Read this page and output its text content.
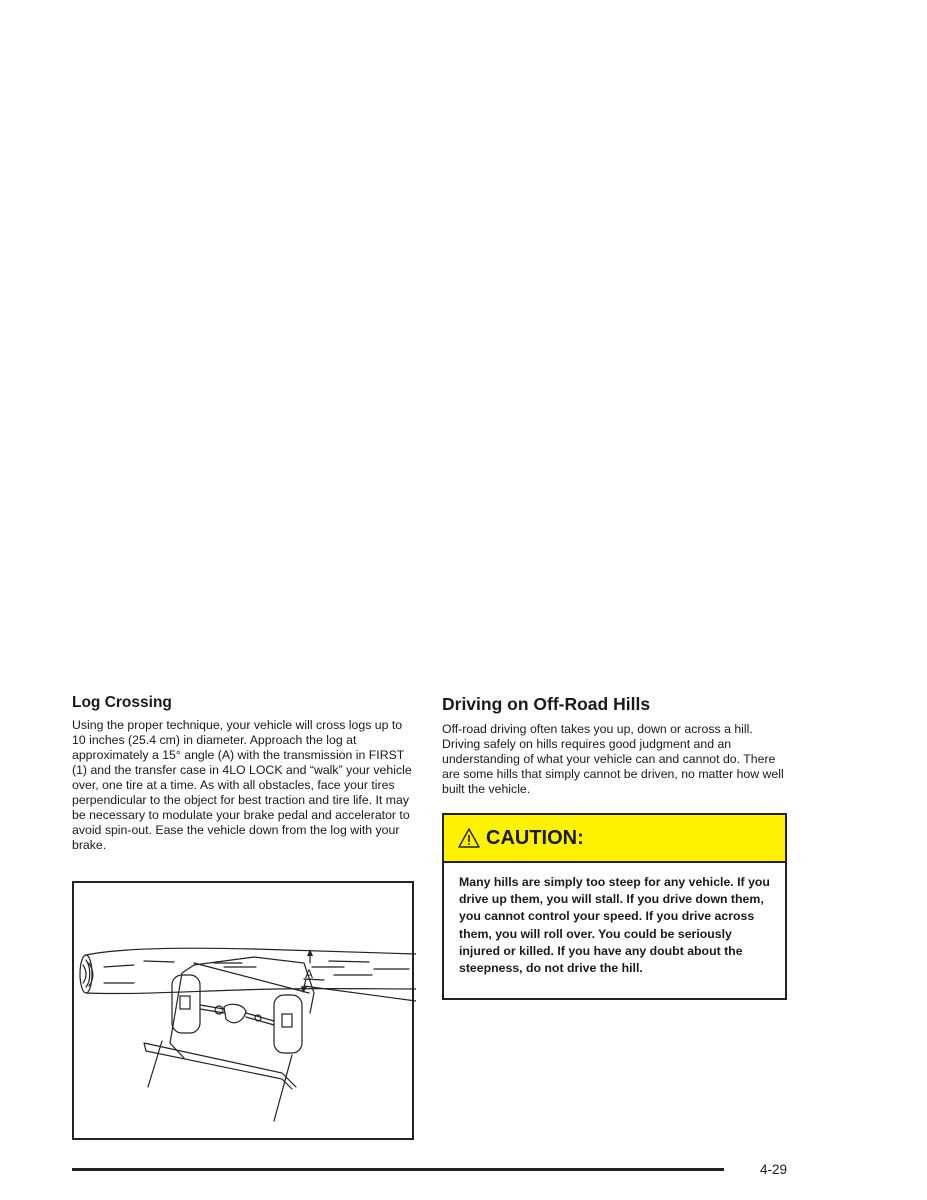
Log Crossing

Using the proper technique, your vehicle will cross logs up to 10 inches (25.4 cm) in diameter. Approach the log at approximately a 15° angle (A) with the transmission in FIRST (1) and the transfer case in 4LO LOCK and “walk” your vehicle over, one tire at a time. As with all obstacles, face your tires perpendicular to the object for best traction and tire life. It may be necessary to modulate your brake pedal and accelerator to avoid spin-out. Ease the vehicle down from the log with your brake.

A
Driving on Off-Road Hills

Off-road driving often takes you up, down or across a hill. Driving safely on hills requires good judgment and an understanding of what your vehicle can and cannot do. There are some hills that simply cannot be driven, no matter how well built the vehicle.

CAUTION:
Many hills are simply too steep for any vehicle. If you drive up them, you will stall. If you drive down them, you cannot control your speed. If you drive across them, you will roll over. You could be seriously injured or killed. If you have any doubt about the steepness, do not drive the hill.
4-29
